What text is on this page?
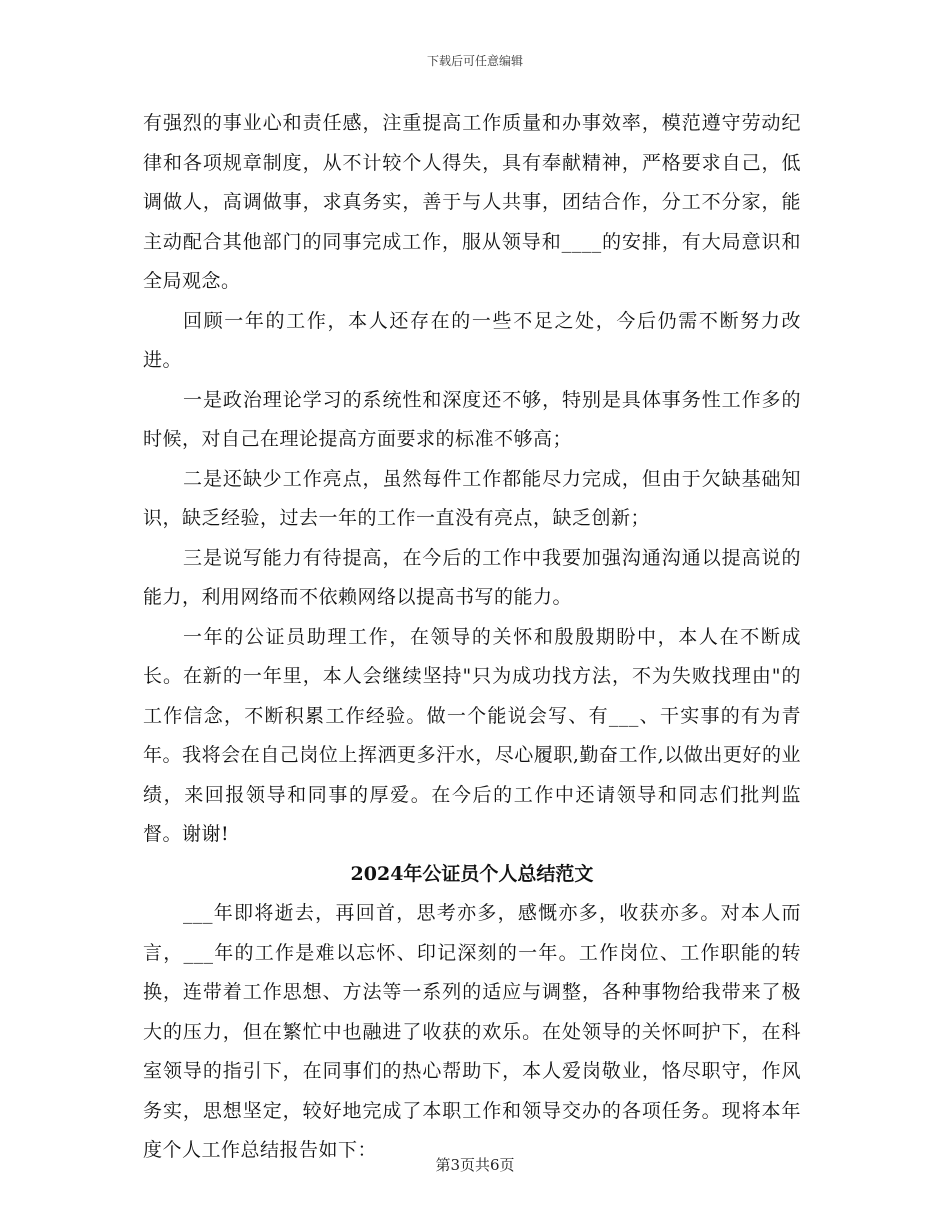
下载后可任意编辑

有强烈的事业心和责任感，注重提高工作质量和办事效率，模范遵守劳动纪律和各项规章制度，从不计较个人得失，具有奉献精神，严格要求自己，低调做人，高调做事，求真务实，善于与人共事，团结合作，分工不分家，能主动配合其他部门的同事完成工作，服从领导和____的安排，有大局意识和全局观念。

回顾一年的工作，本人还存在的一些不足之处，今后仍需不断努力改进。

一是政治理论学习的系统性和深度还不够，特别是具体事务性工作多的时候，对自己在理论提高方面要求的标准不够高；

二是还缺少工作亮点，虽然每件工作都能尽力完成，但由于欠缺基础知识，缺乏经验，过去一年的工作一直没有亮点，缺乏创新；

三是说写能力有待提高，在今后的工作中我要加强沟通沟通以提高说的能力，利用网络而不依赖网络以提高书写的能力。

一年的公证员助理工作，在领导的关怀和殷殷期盼中，本人在不断成长。在新的一年里，本人会继续坚持"只为成功找方法，不为失败找理由"的工作信念，不断积累工作经验。做一个能说会写、有___、干实事的有为青年。我将会在自己岗位上挥洒更多汗水，尽心履职,勤奋工作,以做出更好的业绩，来回报领导和同事的厚爱。在今后的工作中还请领导和同志们批判监督。谢谢!

2024年公证员个人总结范文

___年即将逝去，再回首，思考亦多，感慨亦多，收获亦多。对本人而言，___年的工作是难以忘怀、印记深刻的一年。工作岗位、工作职能的转换，连带着工作思想、方法等一系列的适应与调整，各种事物给我带来了极大的压力，但在繁忙中也融进了收获的欢乐。在处领导的关怀呵护下，在科室领导的指引下，在同事们的热心帮助下，本人爱岗敬业，恪尽职守，作风务实，思想坚定，较好地完成了本职工作和领导交办的各项任务。现将本年度个人工作总结报告如下：

第3页共6页
